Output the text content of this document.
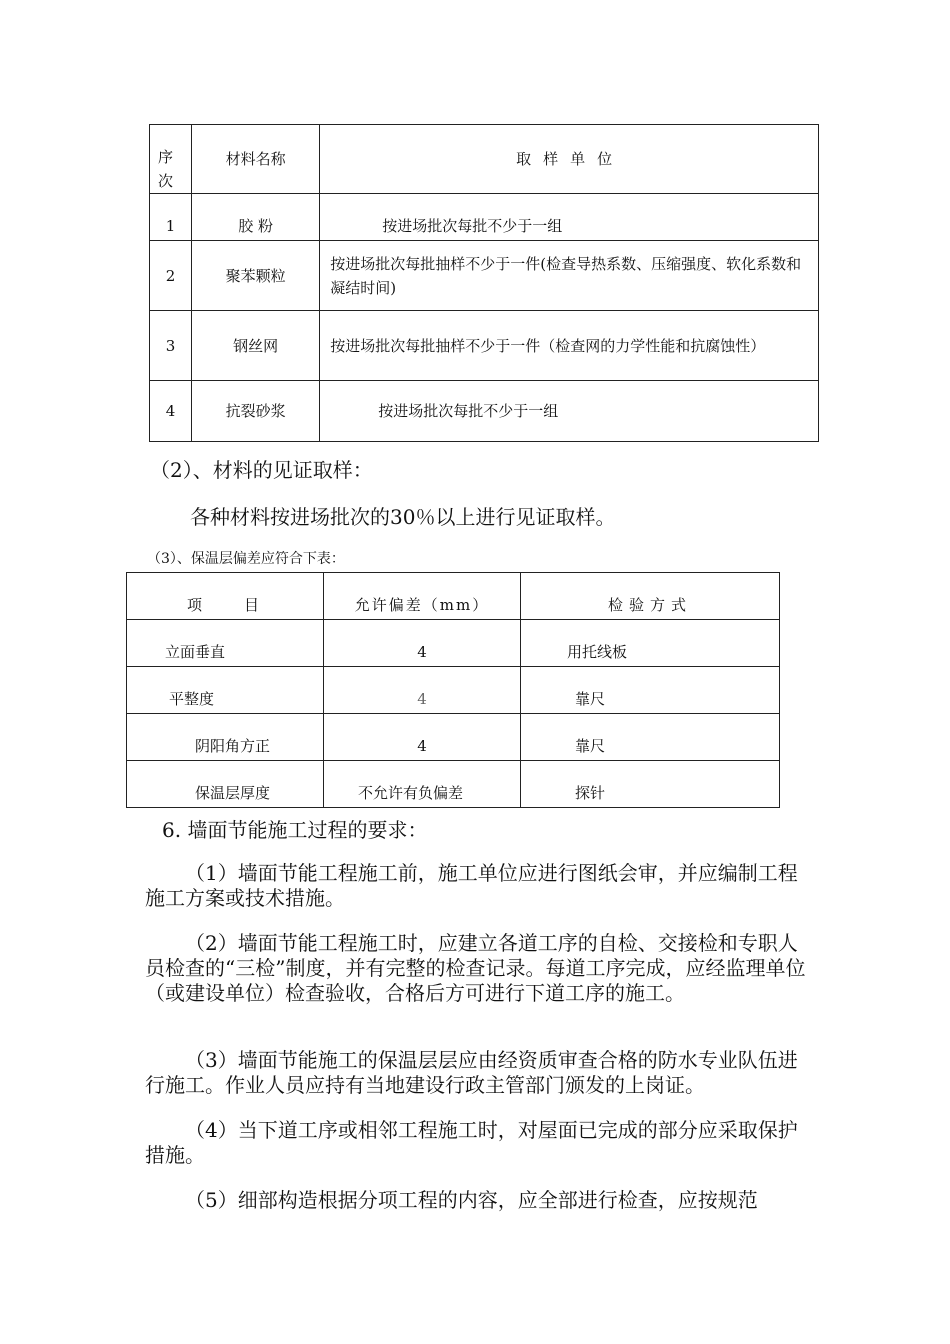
序次	材料名称	取样单位
1	胶 粉	按进场批次每批不少于一组
2	聚苯颗粒	按进场批次每批抽样不少于一件(检查导热系数、压缩强度、软化系数和凝结时间)
3	钢丝网	按进场批次每批抽样不少于一件（检查网的力学性能和抗腐蚀性）
4	抗裂砂浆	按进场批次每批不少于一组

（2）、材料的见证取样：

各种材料按进场批次的30％以上进行见证取样。

（3）、保温层偏差应符合下表：

项　　目	允许偏差（mm）	检验方式
立面垂直	4	用托线板
平整度	4	靠尺
阴阳角方正	4	靠尺
保温层厚度	不允许有负偏差	探针

6. 墙面节能施工过程的要求：

（1）墙面节能工程施工前，施工单位应进行图纸会审，并应编制工程施工方案或技术措施。

（2）墙面节能工程施工时，应建立各道工序的自检、交接检和专职人员检查的“三检”制度，并有完整的检查记录。每道工序完成，应经监理单位（或建设单位）检查验收，合格后方可进行下道工序的施工。

（3）墙面节能施工的保温层层应由经资质审查合格的防水专业队伍进行施工。作业人员应持有当地建设行政主管部门颁发的上岗证。

（4）当下道工序或相邻工程施工时，对屋面已完成的部分应采取保护措施。

（5）细部构造根据分项工程的内容，应全部进行检查，应按规范
